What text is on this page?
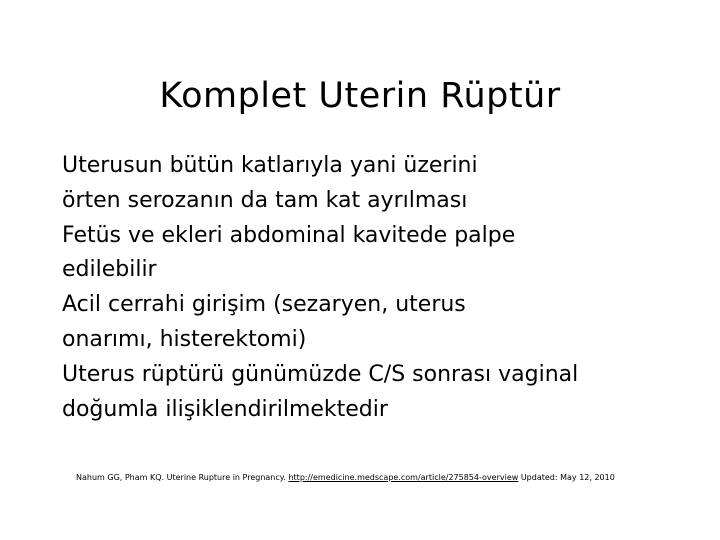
Komplet Uterin Rüptür

Uterusun bütün katlarıyla yani üzerini

örten serozanın da tam kat ayrılması

Fetüs ve ekleri abdominal kavitede palpe

edilebilir

Acil cerrahi girişim (sezaryen, uterus

onarımı, histerektomi)

Uterus rüptürü günümüzde C/S sonrası vaginal

doğumla ilişiklendirilmektedir

Nahum GG, Pham KQ. Uterine Rupture in Pregnancy. http://emedicine.medscape.com/article/275854-overview Updated: May 12, 2010
